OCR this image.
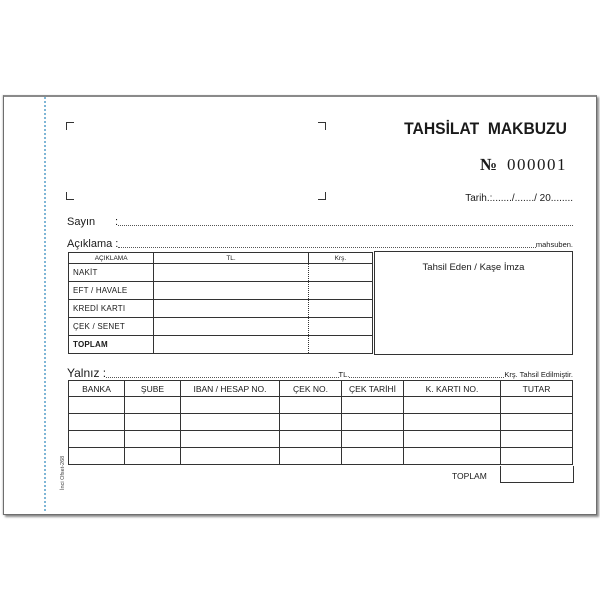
TAHSİLAT  MAKBUZU
№ 000001
Tarih.:......./......./ 20........
Sayın	:
Açıklama :	mahsuben.
AÇIKLAMA	TL.	Krş.
NAKİT		
EFT / HAVALE		
KREDİ KARTI		
ÇEK / SENET		
TOPLAM		
Tahsil Eden / Kaşe İmza
Yalnız :	TL.	Krş. Tahsil Edilmiştir.
BANKA	ŞUBE	IBAN / HESAP NO.	ÇEK NO.	ÇEK TARİHİ	K. KARTI NO.	TUTAR

TOPLAM
İnci Ofset-268
